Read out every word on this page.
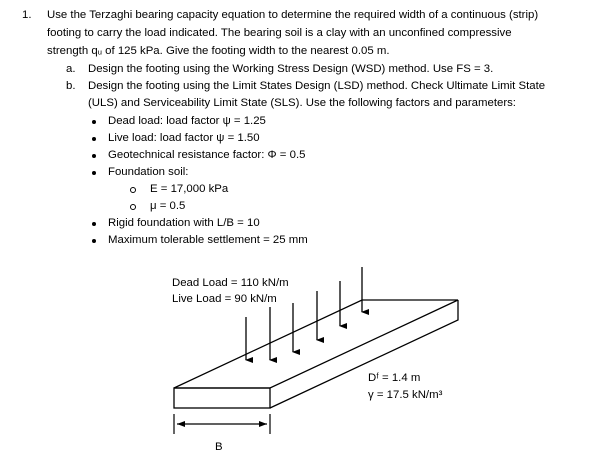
1. Use the Terzaghi bearing capacity equation to determine the required width of a continuous (strip)
footing to carry the load indicated. The bearing soil is a clay with an unconfined compressive
strength qᵤ of 125 kPa. Give the footing width to the nearest 0.05 m.
a. Design the footing using the Working Stress Design (WSD) method. Use FS = 3.
b. Design the footing using the Limit States Design (LSD) method. Check Ultimate Limit State
(ULS) and Serviceability Limit State (SLS). Use the following factors and parameters:
Dead load: load factor ψ = 1.25
Live load: load factor ψ = 1.50
Geotechnical resistance factor: Φ = 0.5
Foundation soil:
E = 17,000 kPa
μ = 0.5
Rigid foundation with L/B = 10
Maximum tolerable settlement = 25 mm
Dead Load = 110 kN/m
Live Load = 90 kN/m
B
Dᶠ = 1.4 m
γ = 17.5 kN/m³
